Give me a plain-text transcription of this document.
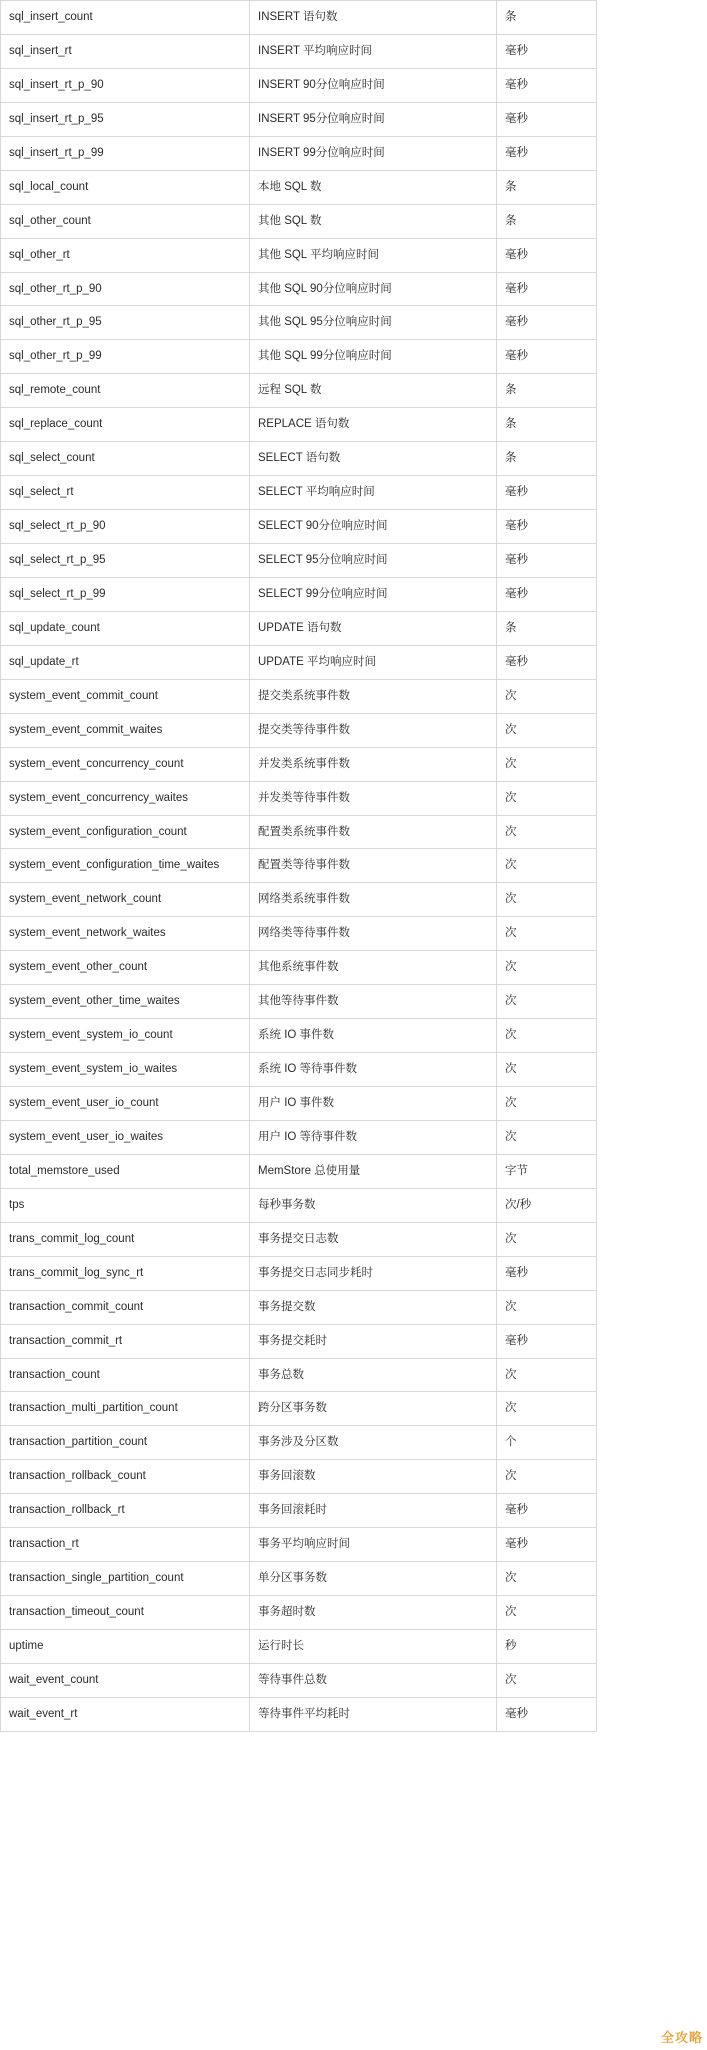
sql_insert_count	INSERT 语句数	条
sql_insert_rt	INSERT 平均响应时间	毫秒
sql_insert_rt_p_90	INSERT 90分位响应时间	毫秒
sql_insert_rt_p_95	INSERT 95分位响应时间	毫秒
sql_insert_rt_p_99	INSERT 99分位响应时间	毫秒
sql_local_count	本地 SQL 数	条
sql_other_count	其他 SQL 数	条
sql_other_rt	其他 SQL 平均响应时间	毫秒
sql_other_rt_p_90	其他 SQL 90分位响应时间	毫秒
sql_other_rt_p_95	其他 SQL 95分位响应时间	毫秒
sql_other_rt_p_99	其他 SQL 99分位响应时间	毫秒
sql_remote_count	远程 SQL 数	条
sql_replace_count	REPLACE 语句数	条
sql_select_count	SELECT 语句数	条
sql_select_rt	SELECT 平均响应时间	毫秒
sql_select_rt_p_90	SELECT 90分位响应时间	毫秒
sql_select_rt_p_95	SELECT 95分位响应时间	毫秒
sql_select_rt_p_99	SELECT 99分位响应时间	毫秒
sql_update_count	UPDATE 语句数	条
sql_update_rt	UPDATE 平均响应时间	毫秒
system_event_commit_count	提交类系统事件数	次
system_event_commit_waites	提交类等待事件数	次
system_event_concurrency_count	并发类系统事件数	次
system_event_concurrency_waites	并发类等待事件数	次
system_event_configuration_count	配置类系统事件数	次
system_event_configuration_time_waites	配置类等待事件数	次
system_event_network_count	网络类系统事件数	次
system_event_network_waites	网络类等待事件数	次
system_event_other_count	其他系统事件数	次
system_event_other_time_waites	其他等待事件数	次
system_event_system_io_count	系统 IO 事件数	次
system_event_system_io_waites	系统 IO 等待事件数	次
system_event_user_io_count	用户 IO 事件数	次
system_event_user_io_waites	用户 IO 等待事件数	次
total_memstore_used	MemStore 总使用量	字节
tps	每秒事务数	次/秒
trans_commit_log_count	事务提交日志数	次
trans_commit_log_sync_rt	事务提交日志同步耗时	毫秒
transaction_commit_count	事务提交数	次
transaction_commit_rt	事务提交耗时	毫秒
transaction_count	事务总数	次
transaction_multi_partition_count	跨分区事务数	次
transaction_partition_count	事务涉及分区数	个
transaction_rollback_count	事务回滚数	次
transaction_rollback_rt	事务回滚耗时	毫秒
transaction_rt	事务平均响应时间	毫秒
transaction_single_partition_count	单分区事务数	次
transaction_timeout_count	事务超时数	次
uptime	运行时长	秒
wait_event_count	等待事件总数	次
wait_event_rt	等待事件平均耗时	毫秒
全攻略
